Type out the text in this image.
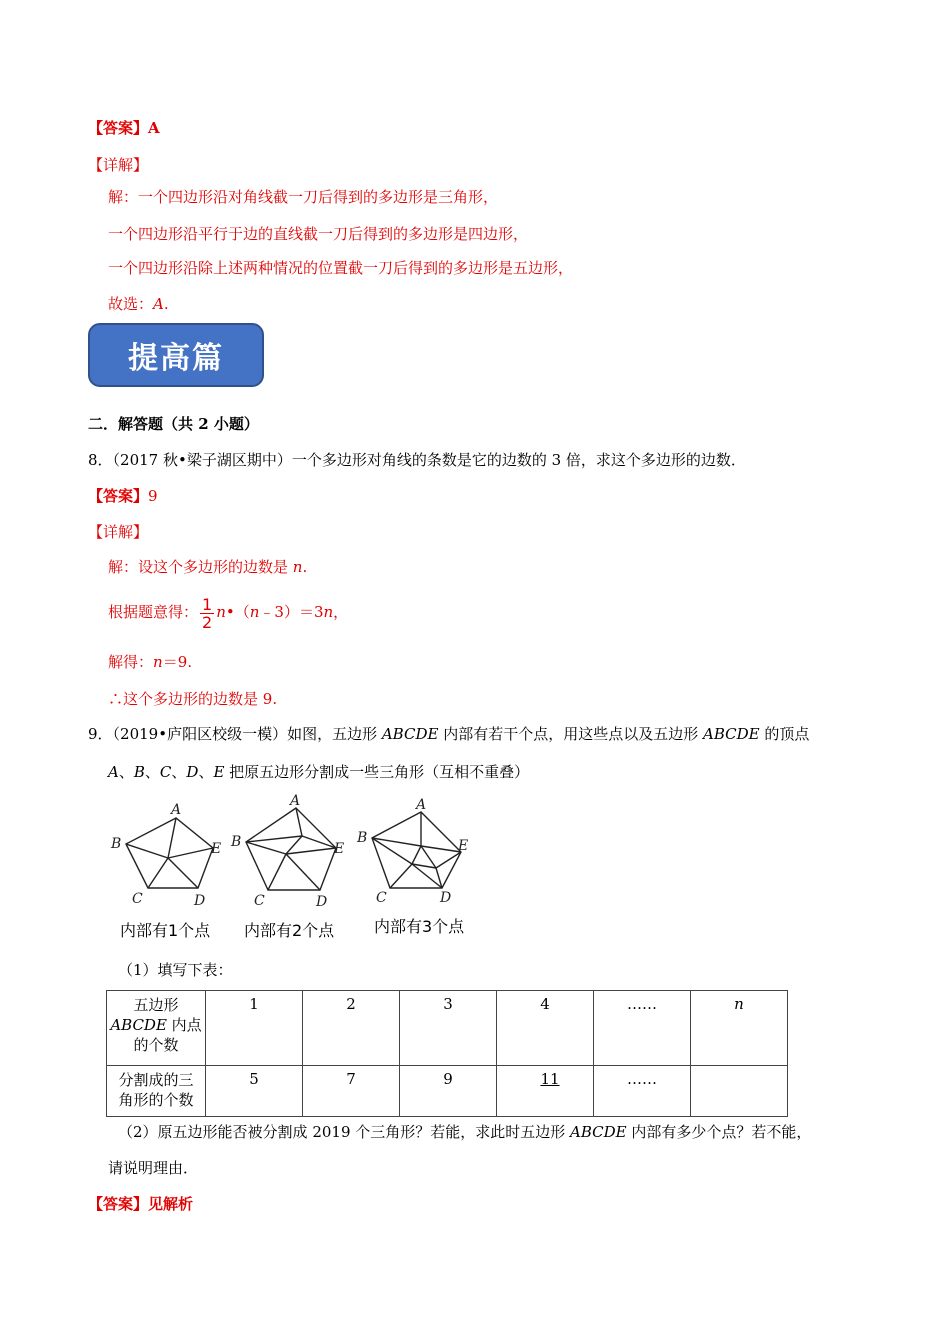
【答案】A
【详解】
解：一个四边形沿对角线截一刀后得到的多边形是三角形，
一个四边形沿平行于边的直线截一刀后得到的多边形是四边形，
一个四边形沿除上述两种情况的位置截一刀后得到的多边形是五边形，
故选：A.
提高篇
二．解答题（共 2 小题）
8．（2017 秋•梁子湖区期中）一个多边形对角线的条数是它的边数的 3 倍，求这个多边形的边数．
【答案】9
【详解】
解：设这个多边形的边数是 n.
根据题意得： $\frac{1}{2}$ n•（n﹣3）＝3n，
解得：n＝9.
∴这个多边形的边数是 9.
9．（2019•庐阳区校级一模）如图，五边形 ABCDE 内部有若干个点，用这些点以及五边形 ABCDE 的顶点
A、B、C、D、E 把原五边形分割成一些三角形（互相不重叠）
A
B
C	D
E
内部有1个点
A
B
C	D
E
内部有2个点
A
B
C	D
E
内部有3个点
（1）填写下表：
五边形
ABCDE 内点
的个数	1	2	3	4	……	n
分割成的三
角形的个数	5	7	9	11	……	
（2）原五边形能否被分割成 2019 个三角形？若能，求此时五边形 ABCDE 内部有多少个点？若不能，
请说明理由．
【答案】见解析
